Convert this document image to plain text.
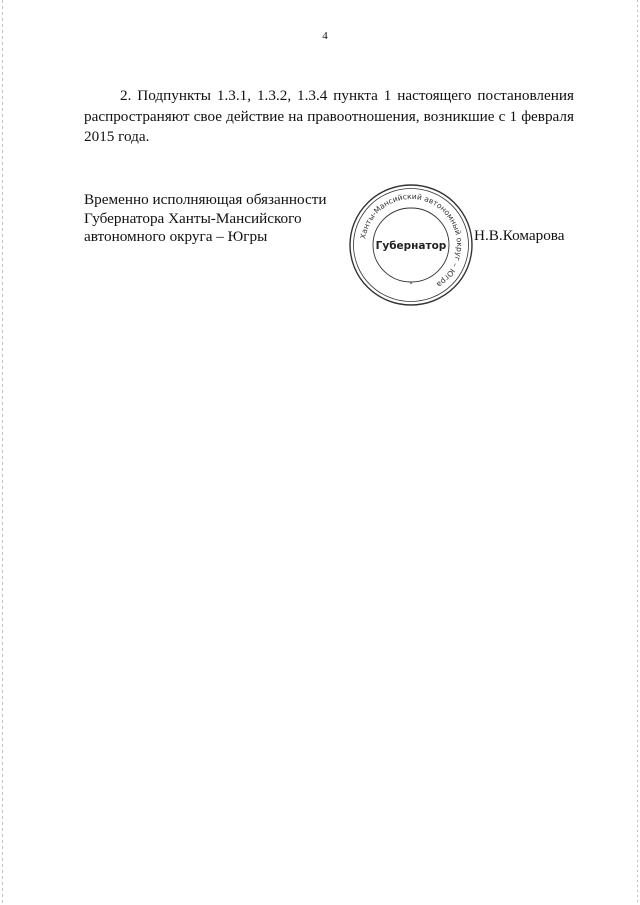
4

2. Подпункты 1.3.1, 1.3.2, 1.3.4 пункта 1 настоящего постановления распространяют свое действие на правоотношения, возникшие с 1 февраля 2015 года.

Временно исполняющая обязанности
Губернатора Ханты-Мансийского
автономного округа – Югры	Ханты-Мансийский автономный округ – Югра
Губернатор
*
Н.В.Комарова
